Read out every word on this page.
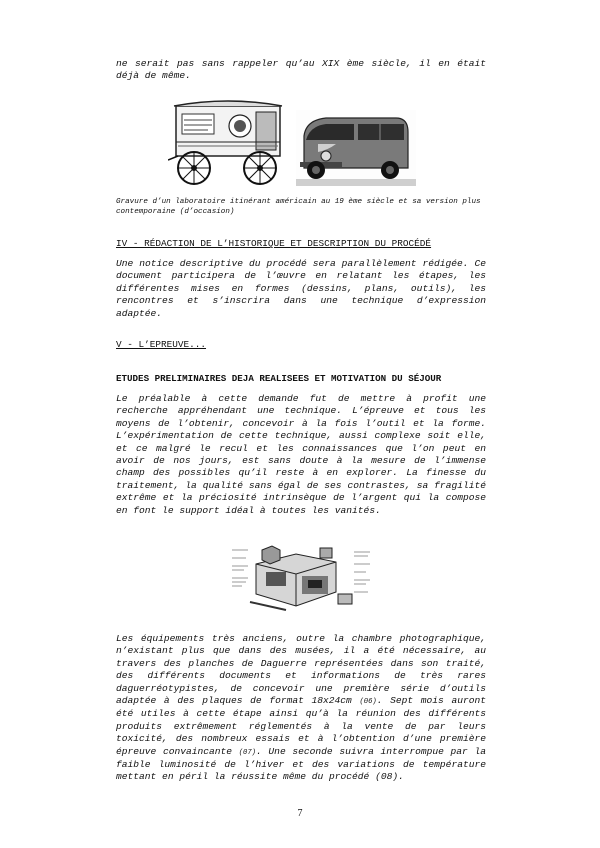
ne serait pas sans rappeler qu’au XIX ème siècle, il en était déjà de même.

Gravure d’un laboratoire itinérant américain au 19 ème siècle et sa version plus contemporaine (d’occasion)

IV - RÉDACTION DE L’HISTORIQUE ET DESCRIPTION DU PROCÉDÉ

Une notice descriptive du procédé sera parallèlement rédigée. Ce document participera de l’œuvre en relatant les étapes, les différentes mises en formes (dessins, plans, outils), les rencontres et s’inscrira dans une technique d’expression adaptée.

V - L’EPREUVE...

ETUDES PRELIMINAIRES DEJA REALISEES ET MOTIVATION DU SÉJOUR

Le préalable à cette demande fut de mettre à profit une recherche appréhendant une technique. L’épreuve et tous les moyens de l’obtenir, concevoir à la fois l’outil et la forme. L’expérimentation de cette technique, aussi complexe soit elle, et ce malgré le recul et les connaissances que l’on peut en avoir de nos jours, est sans doute à la mesure de l’immense champ des possibles qu’il reste à en explorer. La finesse du traitement, la qualité sans égal de ses contrastes, sa fragilité extrême et la préciosité intrinsèque de l’argent qui la compose en font le support idéal à toutes les vanités.

Les équipements très anciens, outre la chambre photographique, n’existant plus que dans des musées, il a été nécessaire, au travers des planches de Daguerre représentées dans son traité, des différents documents et informations de très rares daguerréotypistes, de concevoir une première série d’outils adaptée à des plaques de format 18x24cm (06). Sept mois auront été utiles à cette étape ainsi qu’à la réunion des différents produits extrêmement réglementés à la vente de par leurs toxicité, des nombreux essais et à l’obtention d’une première épreuve convaincante (07). Une seconde suivra interrompue par la faible luminosité de l’hiver et des variations de température mettant en péril la réussite même du procédé (08).

7
